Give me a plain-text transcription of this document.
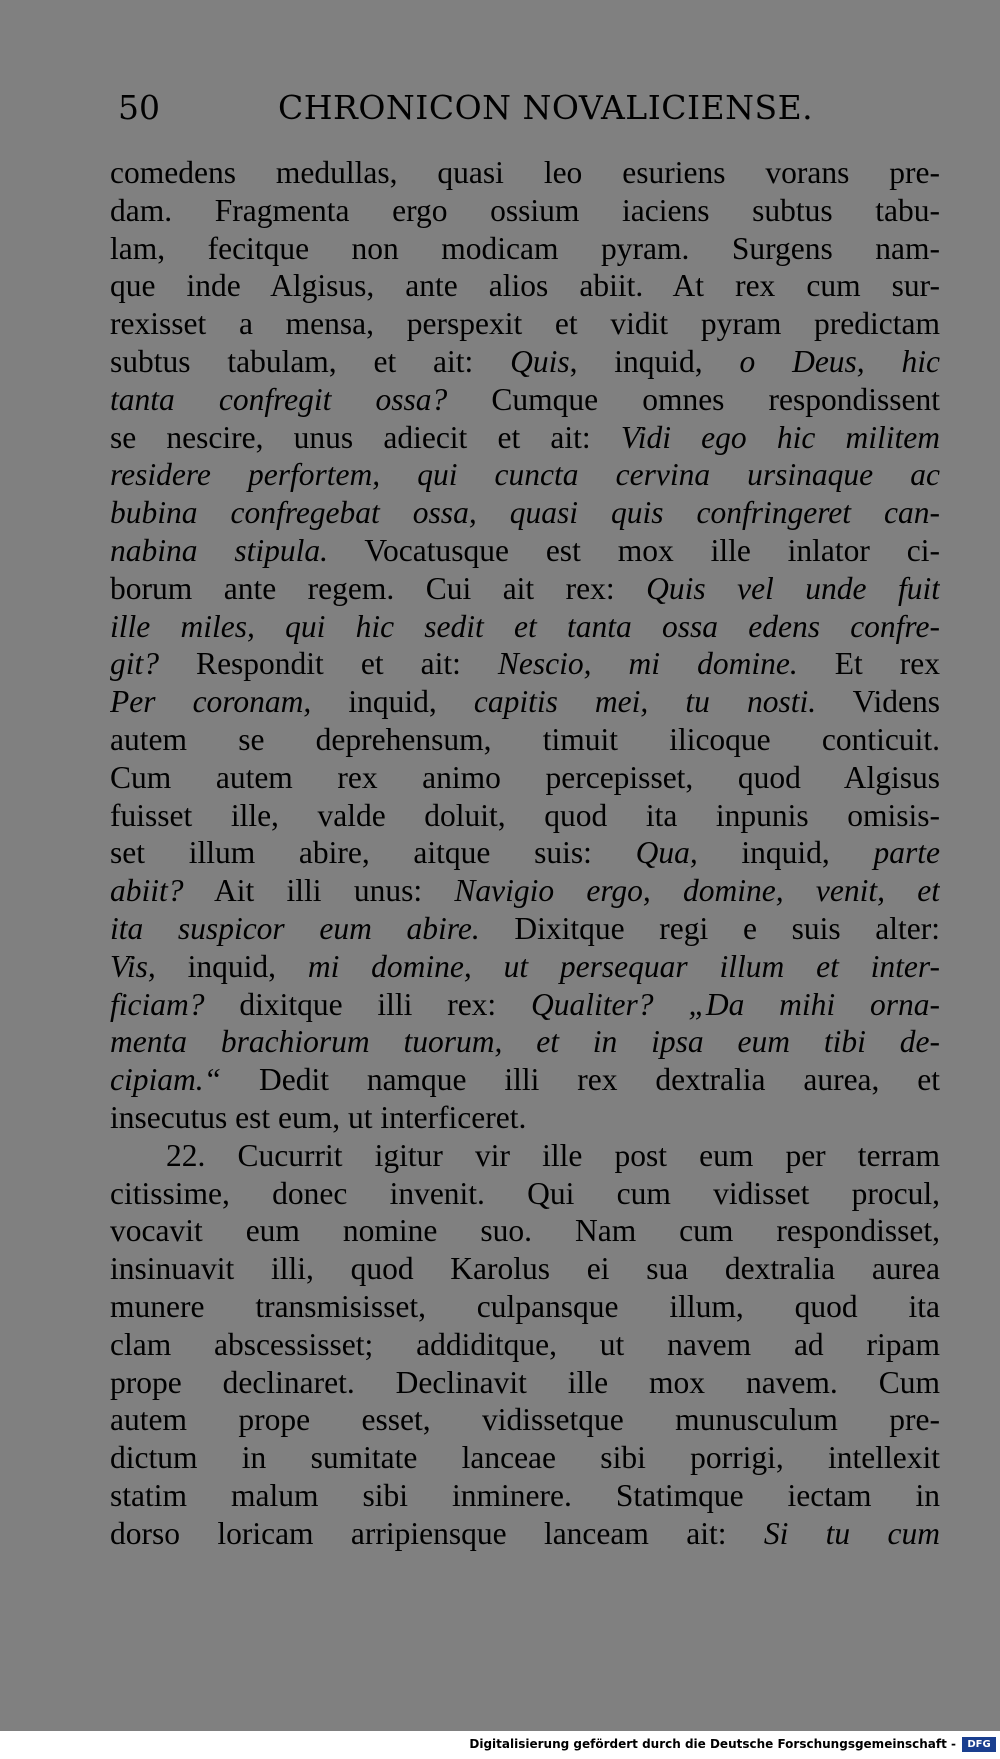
50	CHRONICON NOVALICIENSE.
comedens medullas, quasi leo esuriens vorans pre-
dam. Fragmenta ergo ossium iaciens subtus tabu-
lam, fecitque non modicam pyram. Surgens nam-
que inde Algisus, ante alios abiit. At rex cum sur-
rexisset a mensa, perspexit et vidit pyram predictam
subtus tabulam, et ait: Quis, inquid, o Deus, hic
tanta confregit ossa? Cumque omnes respondissent
se nescire, unus adiecit et ait: Vidi ego hic militem
residere perfortem, qui cuncta cervina ursinaque ac
bubina confregebat ossa, quasi quis confringeret can-
nabina stipula. Vocatusque est mox ille inlator ci-
borum ante regem. Cui ait rex: Quis vel unde fuit
ille miles, qui hic sedit et tanta ossa edens confre-
git? Respondit et ait: Nescio, mi domine. Et rex
Per coronam, inquid, capitis mei, tu nosti. Videns
autem se deprehensum, timuit ilicoque conticuit.
Cum autem rex animo percepisset, quod Algisus
fuisset ille, valde doluit, quod ita inpunis omisis-
set illum abire, aitque suis: Qua, inquid, parte
abiit? Ait illi unus: Navigio ergo, domine, venit, et
ita suspicor eum abire. Dixitque regi e suis alter:
Vis, inquid, mi domine, ut persequar illum et inter-
ficiam? dixitque illi rex: Qualiter? „Da mihi orna-
menta brachiorum tuorum, et in ipsa eum tibi de-
cipiam.“ Dedit namque illi rex dextralia aurea, et
insecutus est eum, ut interficeret.
22. Cucurrit igitur vir ille post eum per terram
citissime, donec invenit. Qui cum vidisset procul,
vocavit eum nomine suo. Nam cum respondisset,
insinuavit illi, quod Karolus ei sua dextralia aurea
munere transmisisset, culpansque illum, quod ita
clam abscessisset; addiditque, ut navem ad ripam
prope declinaret. Declinavit ille mox navem. Cum
autem prope esset, vidissetque munusculum pre-
dictum in sumitate lanceae sibi porrigi, intellexit
statim malum sibi inminere. Statimque iectam in
dorso loricam arripiensque lanceam ait: Si tu cum
Digitalisierung gefördert durch die Deutsche Forschungsgemeinschaft -	DFG
